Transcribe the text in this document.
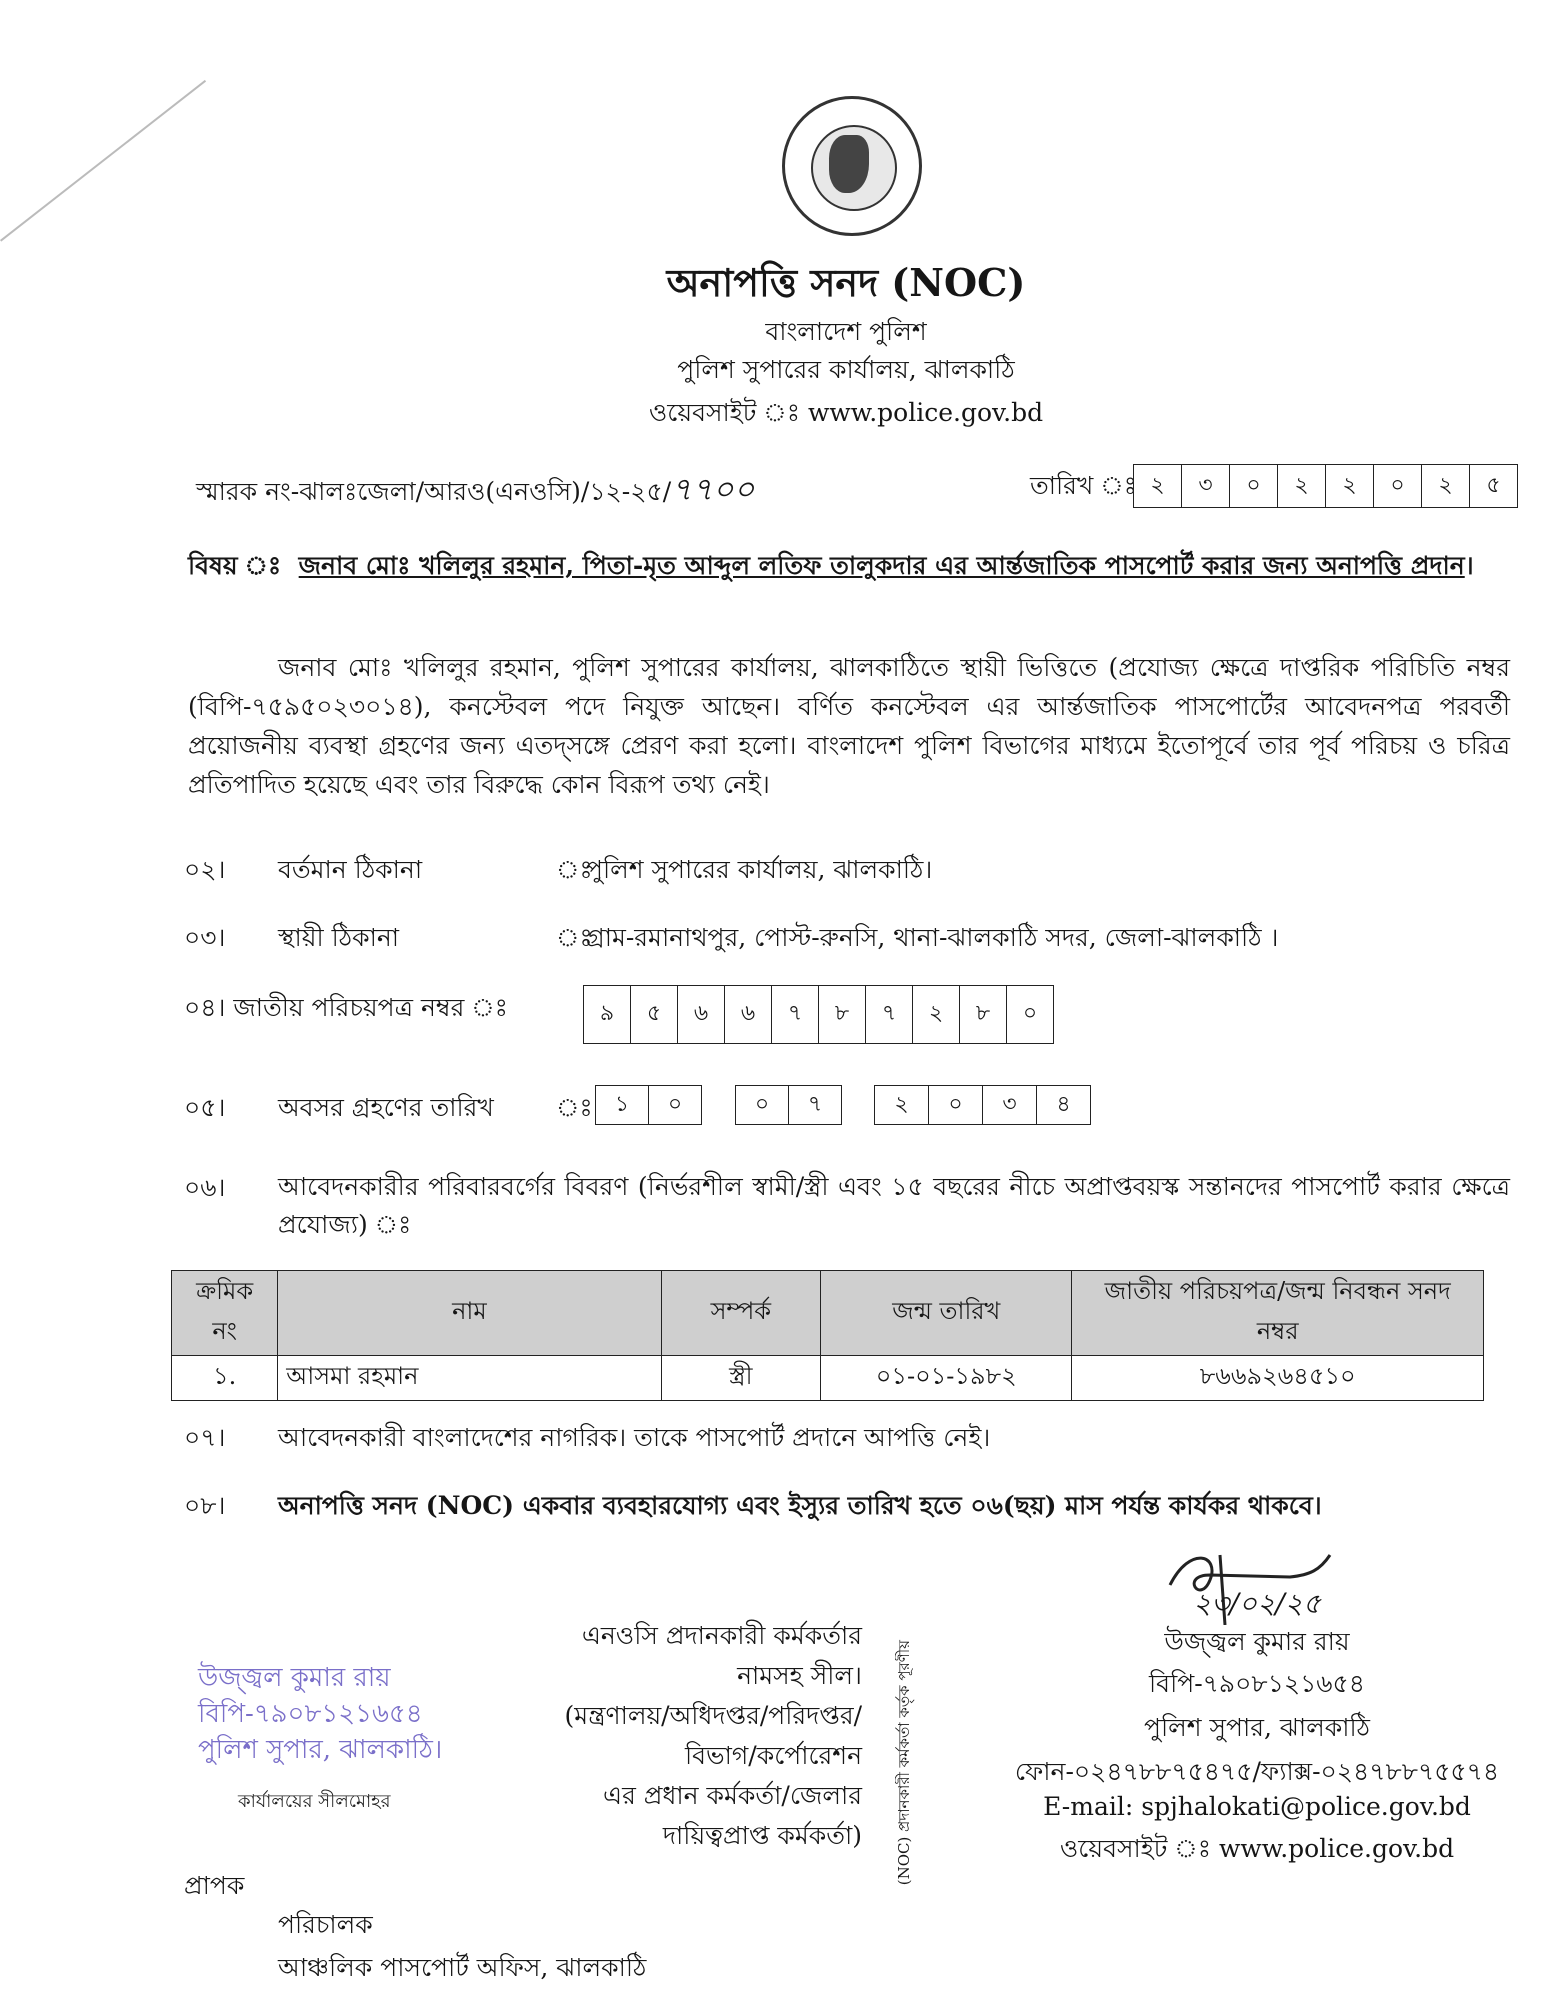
অনাপত্তি সনদ (NOC)
বাংলাদেশ পুলিশ
পুলিশ সুপারের কার্যালয়, ঝালকাঠি
ওয়েবসাইট ঃ www.police.gov.bd
স্মারক নং-ঝালঃজেলা/আরও(এনওসি)/১২-২৫/৭৭০০	তারিখ ঃ ২	৩	০	২	২	০	২	৫
বিষয় ঃ জনাব মোঃ খলিলুর রহমান, পিতা-মৃত আব্দুল লতিফ তালুকদার এর আর্ন্তজাতিক পাসপোর্ট করার জন্য অনাপত্তি প্রদান।
জনাব মোঃ খলিলুর রহমান, পুলিশ সুপারের কার্যালয়, ঝালকাঠিতে স্থায়ী ভিত্তিতে (প্রযোজ্য ক্ষেত্রে দাপ্তরিক পরিচিতি নম্বর (বিপি-৭৫৯৫০২৩০১৪), কনস্টেবল পদে নিযুক্ত আছেন। বর্ণিত কনস্টেবল এর আর্ন্তজাতিক পাসপোর্টের আবেদনপত্র পরবর্তী প্রয়োজনীয় ব্যবস্থা গ্রহণের জন্য এতদ্‌সঙ্গে প্রেরণ করা হলো। বাংলাদেশ পুলিশ বিভাগের মাধ্যমে ইতোপূর্বে তার পূর্ব পরিচয় ও চরিত্র প্রতিপাদিত হয়েছে এবং তার বিরুদ্ধে কোন বিরূপ তথ্য নেই।
০২। বর্তমান ঠিকানা	ঃ
পুলিশ সুপারের কার্যালয়, ঝালকাঠি।
০৩। স্থায়ী ঠিকানা	ঃ
গ্রাম-রমানাথপুর, পোস্ট-রুনসি, থানা-ঝালকাঠি সদর, জেলা-ঝালকাঠি ।
০৪। জাতীয় পরিচয়পত্র নম্বর ঃ	৯	৫	৬	৬	৭	৮	৭	২	৮	০
০৫। অবসর গ্রহণের তারিখ ঃ	১	০	০	৭	২	০	৩	৪
০৬। আবেদনকারীর পরিবারবর্গের বিবরণ (নির্ভরশীল স্বামী/স্ত্রী এবং ১৫ বছরের নীচে অপ্রাপ্তবয়স্ক সন্তানদের পাসপোর্ট করার ক্ষেত্রে প্রযোজ্য) ঃ
ক্রমিক নং	নাম	সম্পর্ক	জন্ম তারিখ	জাতীয় পরিচয়পত্র/জন্ম নিবন্ধন সনদ নম্বর
১.	আসমা রহমান	স্ত্রী	০১-০১-১৯৮২	৮৬৬৯২৬৪৫১০
০৭। আবেদনকারী বাংলাদেশের নাগরিক। তাকে পাসপোর্ট প্রদানে আপত্তি নেই।
০৮। অনাপত্তি সনদ (NOC) একবার ব্যবহারযোগ্য এবং ইস্যুর তারিখ হতে ০৬(ছয়) মাস পর্যন্ত কার্যকর থাকবে।
২৩/০২/২৫
উজ্জ্বল কুমার রায়
বিপি-৭৯০৮১২১৬৫৪
পুলিশ সুপার, ঝালকাঠি
ফোন-০২৪৭৮৮৭৫৪৭৫/ফ্যাক্স-০২৪৭৮৮৭৫৫৭৪
E-mail: spjhalokati@police.gov.bd
ওয়েবসাইট ঃ www.police.gov.bd
এনওসি প্রদানকারী কর্মকর্তার
নামসহ সীল।
(মন্ত্রণালয়/অধিদপ্তর/পরিদপ্তর/
বিভাগ/কর্পোরেশন
এর প্রধান কর্মকর্তা/জেলার
দায়িত্বপ্রাপ্ত কর্মকর্তা) (NOC) প্রদানকারী কর্মকর্তা কর্তৃক পূরণীয়
উজ্জ্বল কুমার রায়
বিপি-৭৯০৮১২১৬৫৪
পুলিশ সুপার, ঝালকাঠি।
কার্যালয়ের সীলমোহর
প্রাপক
পরিচালক
আঞ্চলিক পাসপোর্ট অফিস, ঝালকাঠি
